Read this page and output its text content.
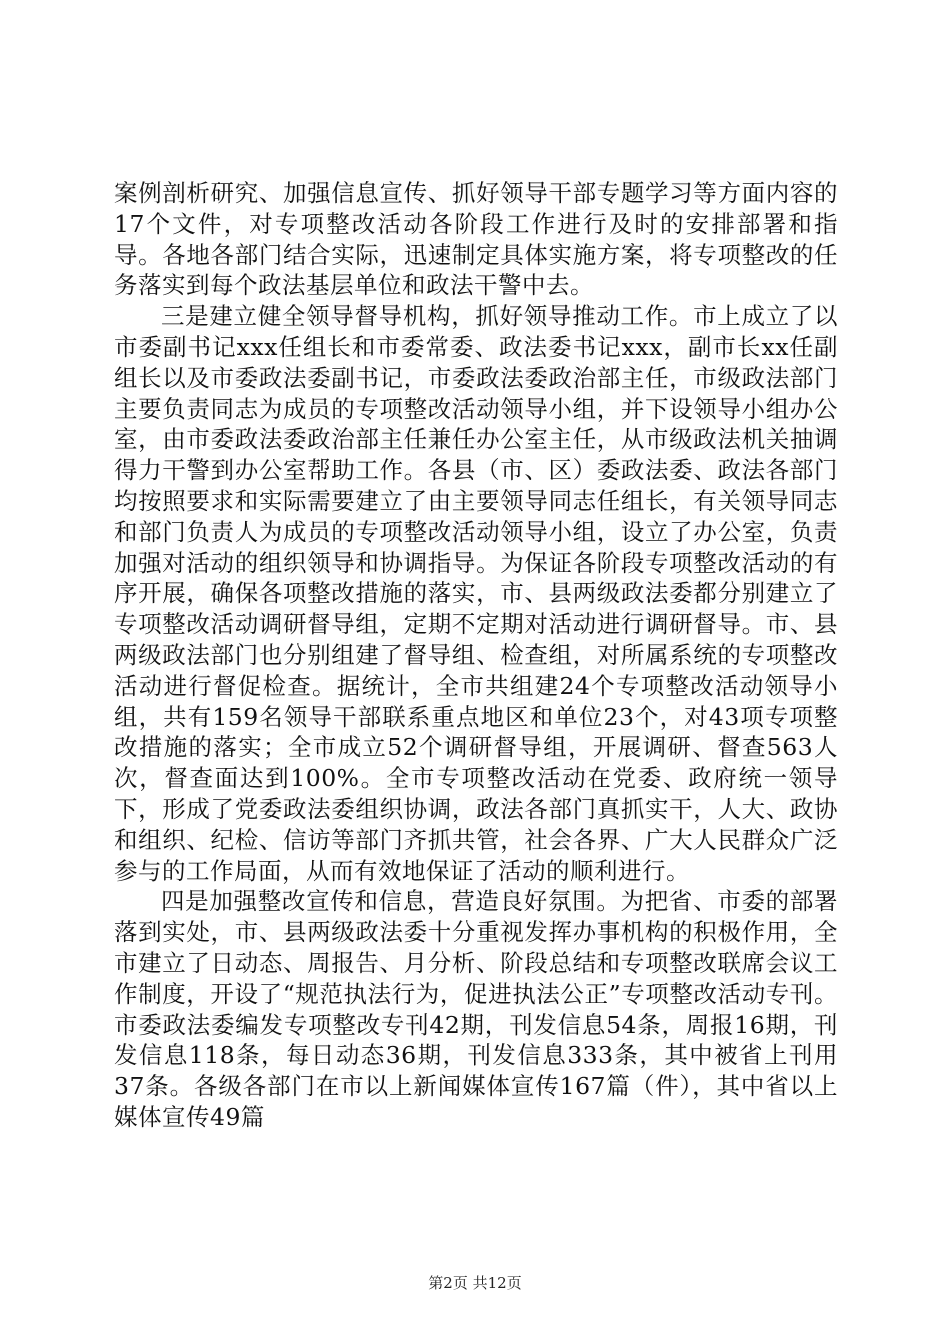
案例剖析研究、加强信息宣传、抓好领导干部专题学习等方面内容的17个文件，对专项整改活动各阶段工作进行及时的安排部署和指导。各地各部门结合实际，迅速制定具体实施方案，将专项整改的任务落实到每个政法基层单位和政法干警中去。

三是建立健全领导督导机构，抓好领导推动工作。市上成立了以市委副书记xxx任组长和市委常委、政法委书记xxx，副市长xx任副组长以及市委政法委副书记，市委政法委政治部主任，市级政法部门主要负责同志为成员的专项整改活动领导小组，并下设领导小组办公室，由市委政法委政治部主任兼任办公室主任，从市级政法机关抽调得力干警到办公室帮助工作。各县（市、区）委政法委、政法各部门均按照要求和实际需要建立了由主要领导同志任组长，有关领导同志和部门负责人为成员的专项整改活动领导小组，设立了办公室，负责加强对活动的组织领导和协调指导。为保证各阶段专项整改活动的有序开展，确保各项整改措施的落实，市、县两级政法委都分别建立了专项整改活动调研督导组，定期不定期对活动进行调研督导。市、县两级政法部门也分别组建了督导组、检查组，对所属系统的专项整改活动进行督促检查。据统计，全市共组建24个专项整改活动领导小组，共有159名领导干部联系重点地区和单位23个，对43项专项整改措施的落实；全市成立52个调研督导组，开展调研、督查563人次，督查面达到100%。全市专项整改活动在党委、政府统一领导下，形成了党委政法委组织协调，政法各部门真抓实干，人大、政协和组织、纪检、信访等部门齐抓共管，社会各界、广大人民群众广泛参与的工作局面，从而有效地保证了活动的顺利进行。

四是加强整改宣传和信息，营造良好氛围。为把省、市委的部署落到实处，市、县两级政法委十分重视发挥办事机构的积极作用，全市建立了日动态、周报告、月分析、阶段总结和专项整改联席会议工作制度，开设了“规范执法行为，促进执法公正”专项整改活动专刊。市委政法委编发专项整改专刊42期，刊发信息54条，周报16期，刊发信息118条，每日动态36期，刊发信息333条，其中被省上刊用37条。各级各部门在市以上新闻媒体宣传167篇（件），其中省以上媒体宣传49篇

第2页 共12页
